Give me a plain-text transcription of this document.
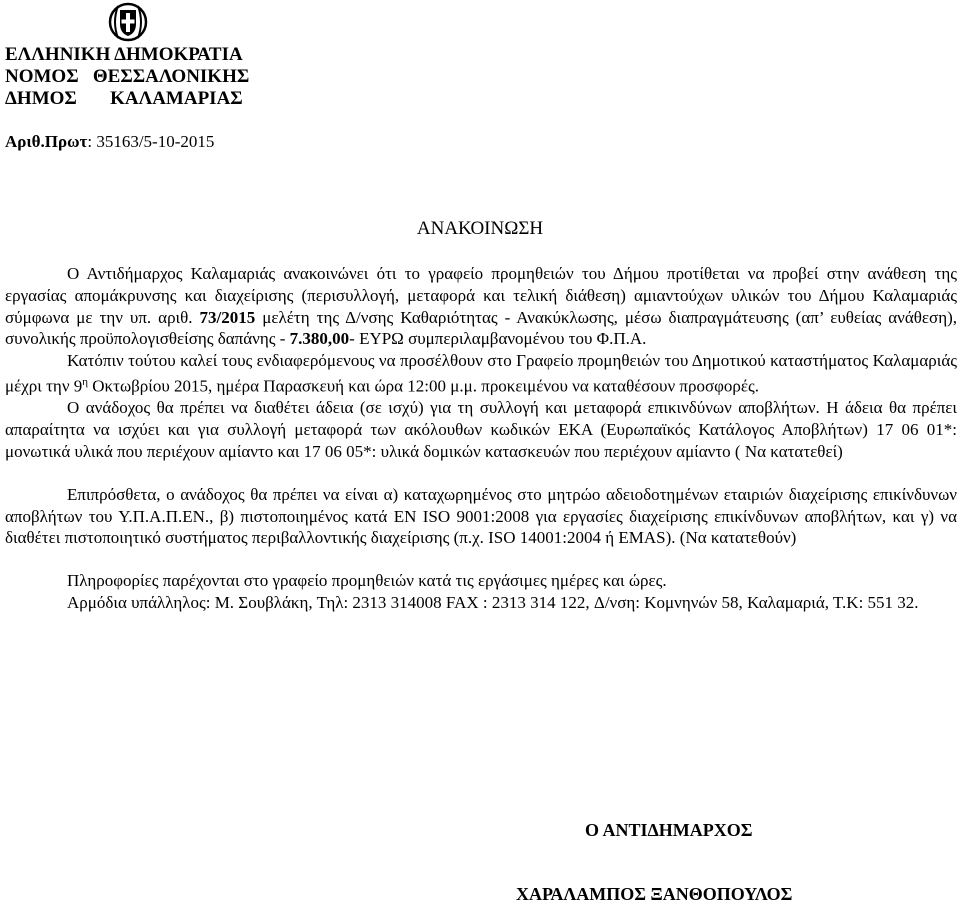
ΕΛΛΗΝΙΚΗ ΔΗΜΟΚΡΑΤΙΑ
ΝΟΜΟΣ   ΘΕΣΣΑΛΟΝΙΚΗΣ
ΔΗΜΟΣ       ΚΑΛΑΜΑΡΙΑΣ
Αριθ.Πρωτ: 35163/5-10-2015
ΑΝΑΚΟΙΝΩΣΗ

Ο Αντιδήμαρχος Καλαμαριάς ανακοινώνει ότι το γραφείο προμηθειών του Δήμου προτίθεται να προβεί στην ανάθεση της εργασίας απομάκρυνσης και διαχείρισης (περισυλλογή, μεταφορά και τελική διάθεση) αμιαντούχων υλικών του Δήμου Καλαμαριάς σύμφωνα με την υπ. αριθ. 73/2015 μελέτη της Δ/νσης Καθαριότητας - Ανακύκλωσης, μέσω διαπραγμάτευσης (απ’ ευθείας ανάθεση), συνολικής προϋπολογισθείσης δαπάνης - 7.380,00- ΕΥΡΩ συμπεριλαμβανομένου του Φ.Π.Α.

Κατόπιν τούτου καλεί τους ενδιαφερόμενους να προσέλθουν στο Γραφείο προμηθειών του Δημοτικού καταστήματος Καλαμαριάς μέχρι την $9^\eta$ Οκτωβρίου 2015, ημέρα Παρασκευή και ώρα 12:00 μ.μ. προκειμένου να καταθέσουν προσφορές.

Ο ανάδοχος θα πρέπει να διαθέτει άδεια (σε ισχύ) για τη συλλογή και μεταφορά επικινδύνων αποβλήτων. Η άδεια θα πρέπει απαραίτητα να ισχύει και για συλλογή μεταφορά των ακόλουθων κωδικών ΕΚΑ (Ευρωπαϊκός Κατάλογος Αποβλήτων) 17 06 01*: μονωτικά υλικά που περιέχουν αμίαντο και 17 06 05*: υλικά δομικών κατασκευών που περιέχουν αμίαντο ( Να κατατεθεί)

Επιπρόσθετα, ο ανάδοχος θα πρέπει να είναι α) καταχωρημένος στο μητρώο αδειοδοτημένων εταιριών διαχείρισης επικίνδυνων αποβλήτων του Υ.Π.Α.Π.ΕΝ., β) πιστοποιημένος κατά ΕΝ ISO 9001:2008 για εργασίες διαχείρισης επικίνδυνων αποβλήτων, και γ) να διαθέτει πιστοποιητικό συστήματος περιβαλλοντικής διαχείρισης (π.χ. ISO 14001:2004 ή EMAS). (Να κατατεθούν)

Πληροφορίες παρέχονται στο γραφείο προμηθειών κατά τις εργάσιμες ημέρες και ώρες.

Αρμόδια υπάλληλος: Μ. Σουβλάκη, Τηλ: 2313 314008 FAX : 2313 314 122, Δ/νση: Κομνηνών 58, Καλαμαριά, Τ.Κ: 551 32.

Ο ΑΝΤΙΔΗΜΑΡΧΟΣ
ΧΑΡΑΛΑΜΠΟΣ ΞΑΝΘΟΠΟΥΛΟΣ
